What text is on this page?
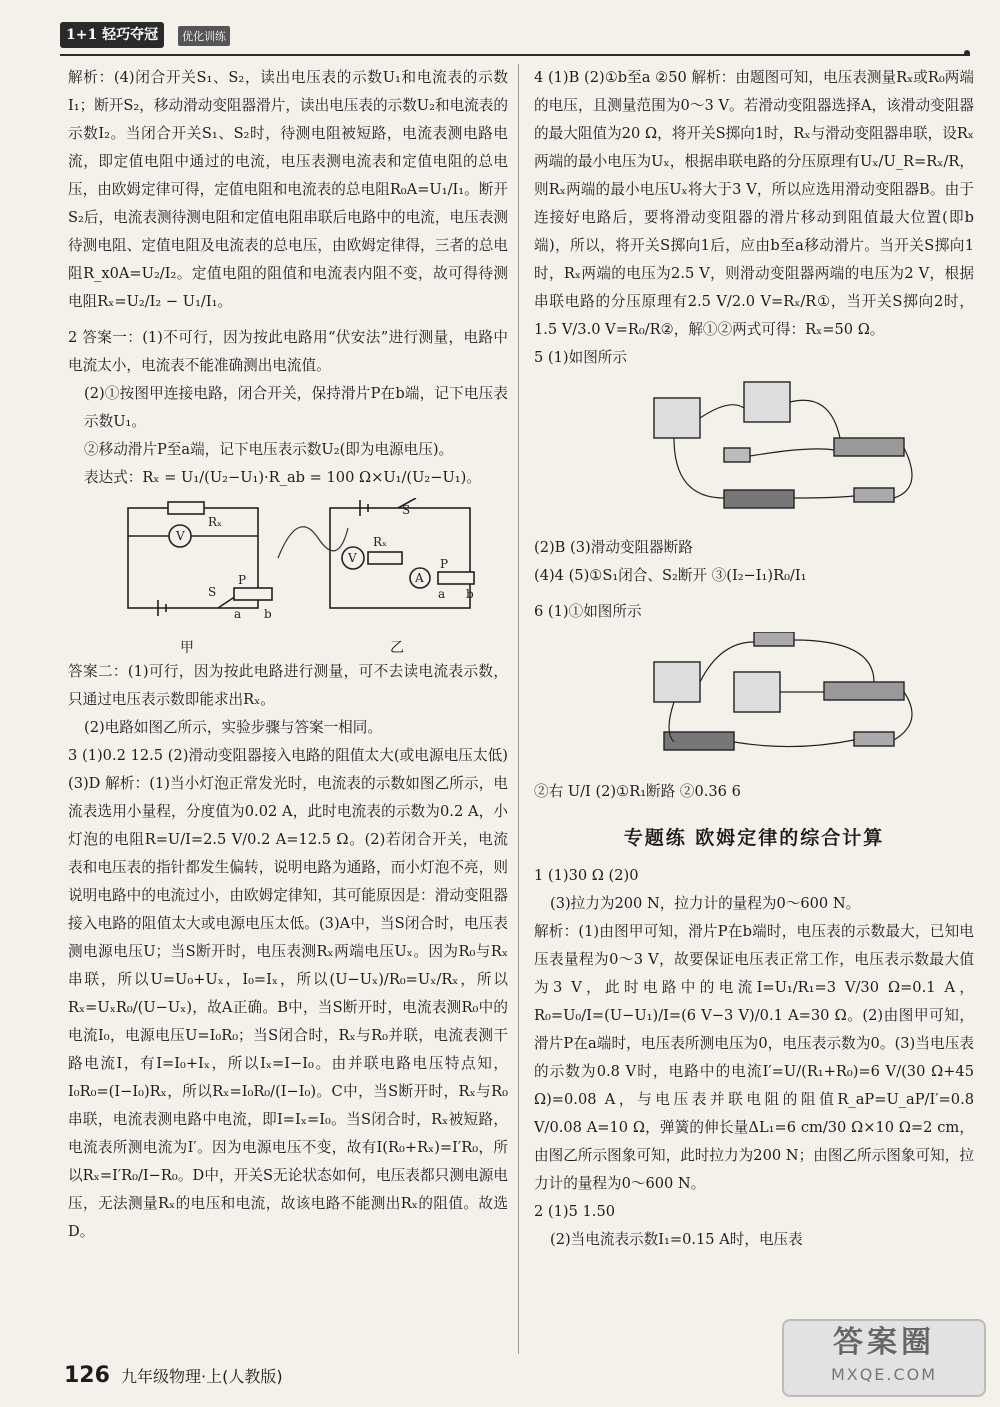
1+1 轻巧夺冠	优化训练

解析：(4)闭合开关S₁、S₂，读出电压表的示数U₁和电流表的示数I₁；断开S₂，移动滑动变阻器滑片，读出电压表的示数U₂和电流表的示数I₂。当闭合开关S₁、S₂时，待测电阻被短路，电流表测电路电流，即定值电阻中通过的电流，电压表测电流表和定值电阻的总电压，由欧姆定律可得，定值电阻和电流表的总电阻R₀A=U₁/I₁。断开S₂后，电流表测待测电阻和定值电阻串联后电路中的电流，电压表测待测电阻、定值电阻及电流表的总电压，由欧姆定律得，三者的总电阻R_x0A=U₂/I₂。定值电阻的阻值和电流表内阻不变，故可得待测电阻Rₓ=U₂/I₂ − U₁/I₁。

2 答案一：(1)不可行，因为按此电路用“伏安法”进行测量，电路中电流太小，电流表不能准确测出电流值。

(2)①按图甲连接电路，闭合开关，保持滑片P在b端，记下电压表示数U₁。

②移动滑片P至a端，记下电压表示数U₂(即为电源电压)。

表达式：Rₓ = U₁/(U₂−U₁)·R_ab = 100 Ω×U₁/(U₂−U₁)。

V
V
A
Rₓ
Rₓ
S
S
P
P
a b
a b
甲	乙

答案二：(1)可行，因为按此电路进行测量，可不去读电流表示数，只通过电压表示数即能求出Rₓ。

(2)电路如图乙所示，实验步骤与答案一相同。

3 (1)0.2 12.5 (2)滑动变阻器接入电路的阻值太大(或电源电压太低) (3)D 解析：(1)当小灯泡正常发光时，电流表的示数如图乙所示，电流表选用小量程，分度值为0.02 A，此时电流表的示数为0.2 A，小灯泡的电阻R=U/I=2.5 V/0.2 A=12.5 Ω。(2)若闭合开关，电流表和电压表的指针都发生偏转，说明电路为通路，而小灯泡不亮，则说明电路中的电流过小，由欧姆定律知，其可能原因是：滑动变阻器接入电路的阻值太大或电源电压太低。(3)A中，当S闭合时，电压表测电源电压U；当S断开时，电压表测Rₓ两端电压Uₓ。因为R₀与Rₓ串联，所以U=U₀+Uₓ，I₀=Iₓ，所以(U−Uₓ)/R₀=Uₓ/Rₓ，所以Rₓ=UₓR₀/(U−Uₓ)，故A正确。B中，当S断开时，电流表测R₀中的电流I₀，电源电压U=I₀R₀；当S闭合时，Rₓ与R₀并联，电流表测干路电流I，有I=I₀+Iₓ，所以Iₓ=I−I₀。由并联电路电压特点知，I₀R₀=(I−I₀)Rₓ，所以Rₓ=I₀R₀/(I−I₀)。C中，当S断开时，Rₓ与R₀串联，电流表测电路中电流，即I=Iₓ=I₀。当S闭合时，Rₓ被短路，电流表所测电流为I′。因为电源电压不变，故有I(R₀+Rₓ)=I′R₀，所以Rₓ=I′R₀/I−R₀。D中，开关S无论状态如何，电压表都只测电源电压，无法测量Rₓ的电压和电流，故该电路不能测出Rₓ的阻值。故选D。

4 (1)B (2)①b至a ②50 解析：由题图可知，电压表测量Rₓ或R₀两端的电压，且测量范围为0～3 V。若滑动变阻器选择A，该滑动变阻器的最大阻值为20 Ω，将开关S掷向1时，Rₓ与滑动变阻器串联，设Rₓ两端的最小电压为Uₓ，根据串联电路的分压原理有Uₓ/U_R=Rₓ/R，则Rₓ两端的最小电压Uₓ将大于3 V，所以应选用滑动变阻器B。由于连接好电路后，要将滑动变阻器的滑片移动到阻值最大位置(即b端)，所以，将开关S掷向1后，应由b至a移动滑片。当开关S掷向1时，Rₓ两端的电压为2.5 V，则滑动变阻器两端的电压为2 V，根据串联电路的分压原理有2.5 V/2.0 V=Rₓ/R①，当开关S掷向2时，1.5 V/3.0 V=R₀/R②，解①②两式可得：Rₓ=50 Ω。

5 (1)如图所示

(2)B (3)滑动变阻器断路

(4)4 (5)①S₁闭合、S₂断开 ③(I₂−I₁)R₀/I₁

6 (1)①如图所示

②右 U/I (2)①R₁断路 ②0.36 6

专题练 欧姆定律的综合计算

1 (1)30 Ω (2)0

(3)拉力为200 N，拉力计的量程为0～600 N。

解析：(1)由图甲可知，滑片P在b端时，电压表的示数最大，已知电压表量程为0～3 V，故要保证电压表正常工作，电压表示数最大值为3 V，此时电路中的电流I=U₁/R₁=3 V/30 Ω=0.1 A，R₀=U₀/I=(U−U₁)/I=(6 V−3 V)/0.1 A=30 Ω。(2)由图甲可知，滑片P在a端时，电压表所测电压为0，电压表示数为0。(3)当电压表的示数为0.8 V时，电路中的电流I′=U/(R₁+R₀)=6 V/(30 Ω+45 Ω)=0.08 A，与电压表并联电阻的阻值R_aP=U_aP/I′=0.8 V/0.08 A=10 Ω，弹簧的伸长量ΔL₁=6 cm/30 Ω×10 Ω=2 cm，由图乙所示图象可知，此时拉力为200 N；由图乙所示图象可知，拉力计的量程为0～600 N。

2 (1)5 1.50

(2)当电流表示数I₁=0.15 A时，电压表

126 九年级物理·上(人教版)
答案圈
MXQE.COM
